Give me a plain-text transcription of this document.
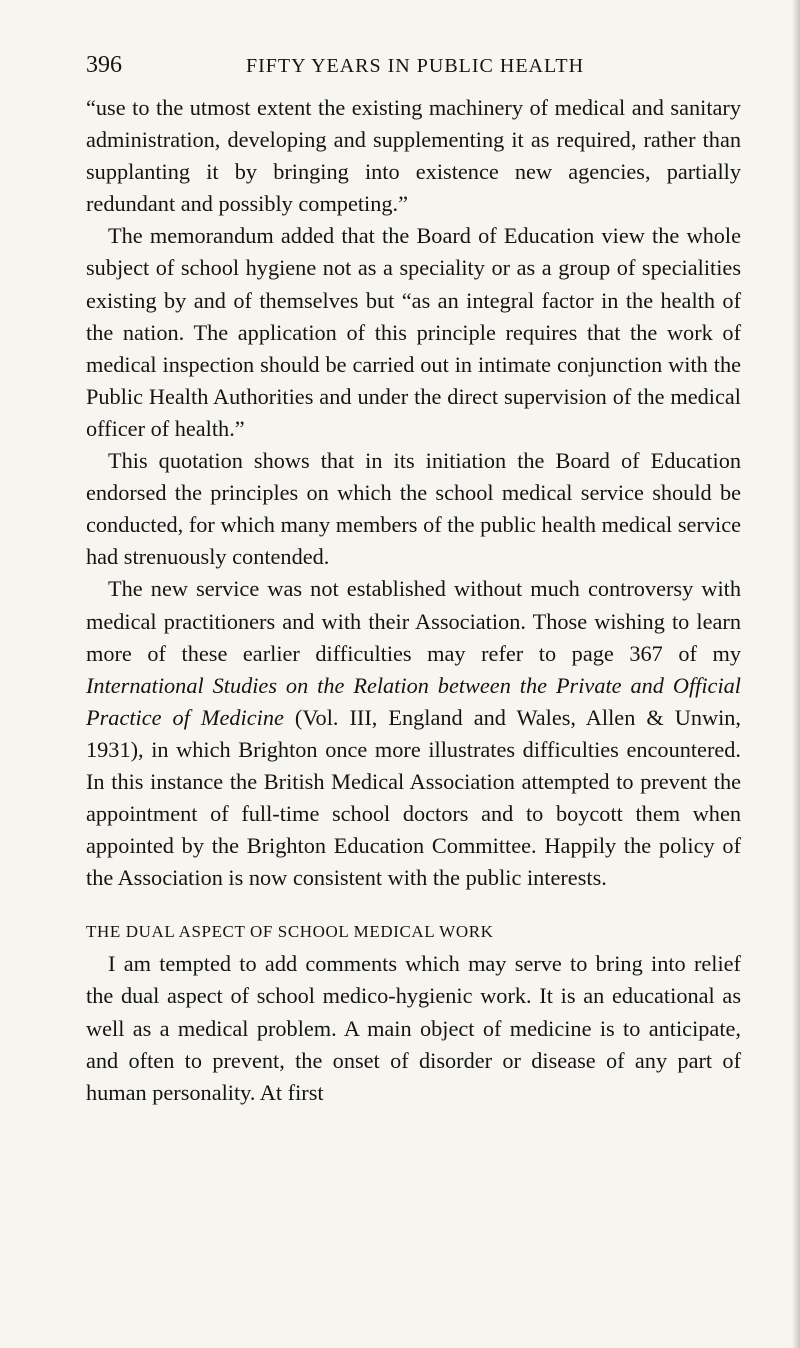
396	FIFTY YEARS IN PUBLIC HEALTH

“use to the utmost extent the existing machinery of medical and sanitary administration, developing and supplementing it as required, rather than supplanting it by bringing into existence new agencies, partially redundant and possibly competing.”

The memorandum added that the Board of Education view the whole subject of school hygiene not as a speciality or as a group of specialities existing by and of themselves but “as an integral factor in the health of the nation. The application of this principle requires that the work of medical inspection should be carried out in intimate conjunction with the Public Health Authorities and under the direct supervision of the medical officer of health.”

This quotation shows that in its initiation the Board of Education endorsed the principles on which the school medical service should be conducted, for which many members of the public health medical service had strenuously contended.

The new service was not established without much controversy with medical practitioners and with their Association. Those wishing to learn more of these earlier difficulties may refer to page 367 of my International Studies on the Relation between the Private and Official Practice of Medicine (Vol. III, England and Wales, Allen & Unwin, 1931), in which Brighton once more illustrates difficulties encountered. In this instance the British Medical Association attempted to prevent the appointment of full-time school doctors and to boycott them when appointed by the Brighton Education Committee. Happily the policy of the Association is now consistent with the public interests.

THE DUAL ASPECT OF SCHOOL MEDICAL WORK

I am tempted to add comments which may serve to bring into relief the dual aspect of school medico-hygienic work. It is an educational as well as a medical problem. A main object of medicine is to anticipate, and often to prevent, the onset of disorder or disease of any part of human personality. At first
